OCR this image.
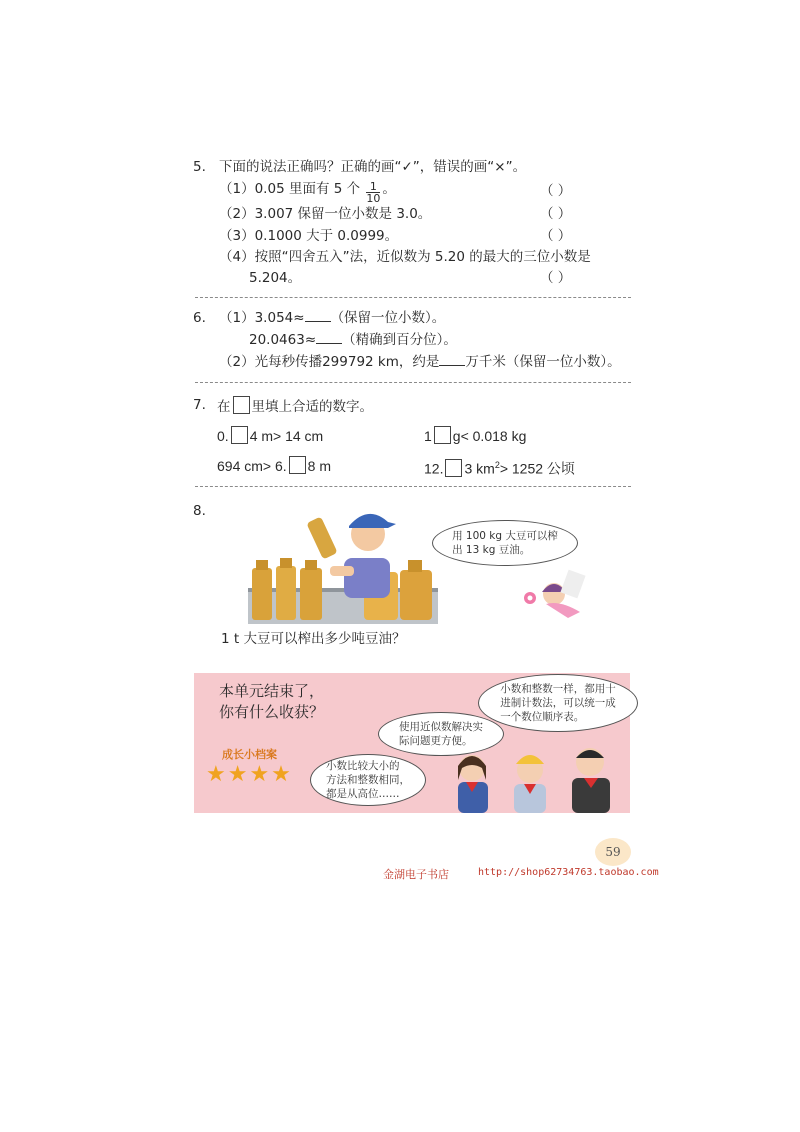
5. 下面的说法正确吗？正确的画“✓”，错误的画“×”。
（1）0.05 里面有 5 个 $\frac{1}{10}$ 。	（ ）
（2）3.007 保留一位小数是 3.0。	（ ）
（3）0.1000 大于 0.0999。	（ ）
（4）按照“四舍五入”法，近似数为 5.20 的最大的三位小数是
5.204。	（ ）
6. （1）3.054≈ （保留一位小数）。
20.0463≈ （精确到百分位）。
（2）光每秒传播299792 km，约是 万千米（保留一位小数）。
7. 在 里填上合适的数字。
0. 4 m> 14 cm	1 g< 0.018 kg
694 cm> 6. 8 m	12. 3 $km^2> 1252$ 公顷
8.
用 100 kg 大豆可以榨
出 13 kg 豆油。
1 t 大豆可以榨出多少吨豆油？
本单元结束了，
你有什么收获？
成长小档案
★★★★
小数和整数一样，都用十
进制计数法，可以统一成
一个数位顺序表。
使用近似数解决实
际问题更方便。
小数比较大小的
方法和整数相同，
都是从高位……
59
金湖电子书店	http://shop62734763.taobao.com
